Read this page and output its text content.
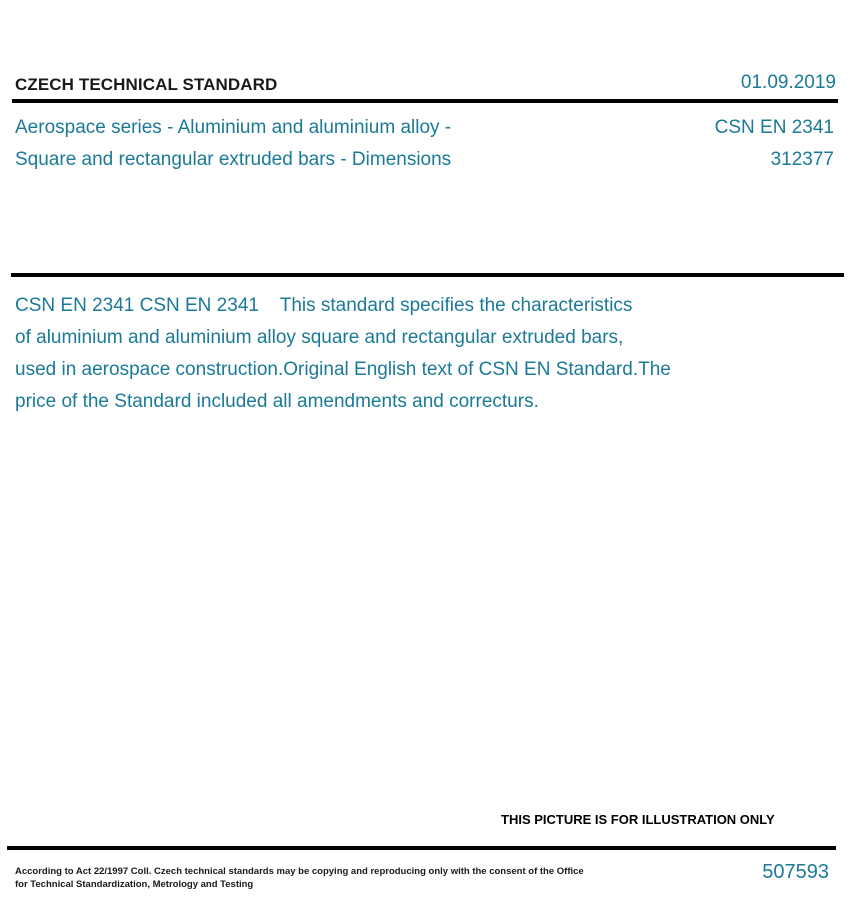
CZECH TECHNICAL STANDARD	01.09.2019
Aerospace series - Aluminium and aluminium alloy -
Square and rectangular extruded bars - Dimensions
CSN EN 2341
312377
CSN EN 2341 CSN EN 2341    This standard specifies the characteristics
of aluminium and aluminium alloy square and rectangular extruded bars,
used in aerospace construction.Original English text of CSN EN Standard.The
price of the Standard included all amendments and correcturs.
THIS PICTURE IS FOR ILLUSTRATION ONLY
According to Act 22/1997 Coll. Czech technical standards may be copying and reproducing only with the consent of the Office
for Technical Standardization, Metrology and Testing
507593
